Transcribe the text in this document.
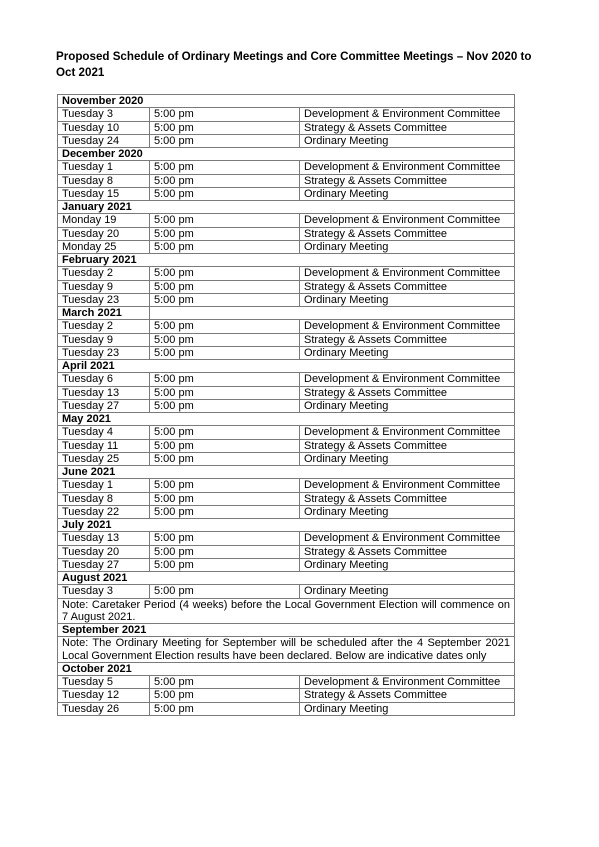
Proposed Schedule of Ordinary Meetings and Core Committee Meetings – Nov 2020 to Oct 2021
November 2020		
Tuesday 3	5:00 pm	Development & Environment Committee
Tuesday 10	5:00 pm	Strategy & Assets Committee
Tuesday 24	5:00 pm	Ordinary Meeting
December 2020		
Tuesday 1	5:00 pm	Development & Environment Committee
Tuesday 8	5:00 pm	Strategy & Assets Committee
Tuesday 15	5:00 pm	Ordinary Meeting
January 2021		
Monday 19	5:00 pm	Development & Environment Committee
Tuesday 20	5:00 pm	Strategy & Assets Committee
Monday 25	5:00 pm	Ordinary Meeting
February 2021		
Tuesday 2	5:00 pm	Development & Environment Committee
Tuesday 9	5:00 pm	Strategy & Assets Committee
Tuesday 23	5:00 pm	Ordinary Meeting
March 2021		
Tuesday 2	5:00 pm	Development & Environment Committee
Tuesday 9	5:00 pm	Strategy & Assets Committee
Tuesday 23	5:00 pm	Ordinary Meeting
April 2021		
Tuesday 6	5:00 pm	Development & Environment Committee
Tuesday 13	5:00 pm	Strategy & Assets Committee
Tuesday 27	5:00 pm	Ordinary Meeting
May 2021		
Tuesday 4	5:00 pm	Development & Environment Committee
Tuesday 11	5:00 pm	Strategy & Assets Committee
Tuesday 25	5:00 pm	Ordinary Meeting
June 2021		
Tuesday 1	5:00 pm	Development & Environment Committee
Tuesday 8	5:00 pm	Strategy & Assets Committee
Tuesday 22	5:00 pm	Ordinary Meeting
July 2021		
Tuesday 13	5:00 pm	Development & Environment Committee
Tuesday 20	5:00 pm	Strategy & Assets Committee
Tuesday 27	5:00 pm	Ordinary Meeting
August 2021		
Tuesday 3	5:00 pm	Ordinary Meeting
Note: Caretaker Period (4 weeks) before the Local Government Election will commence on 7 August 2021.		
September 2021		
Note: The Ordinary Meeting for September will be scheduled after the 4 September 2021 Local Government Election results have been declared. Below are indicative dates only		
October 2021		
Tuesday 5	5:00 pm	Development & Environment Committee
Tuesday 12	5:00 pm	Strategy & Assets Committee
Tuesday 26	5:00 pm	Ordinary Meeting
